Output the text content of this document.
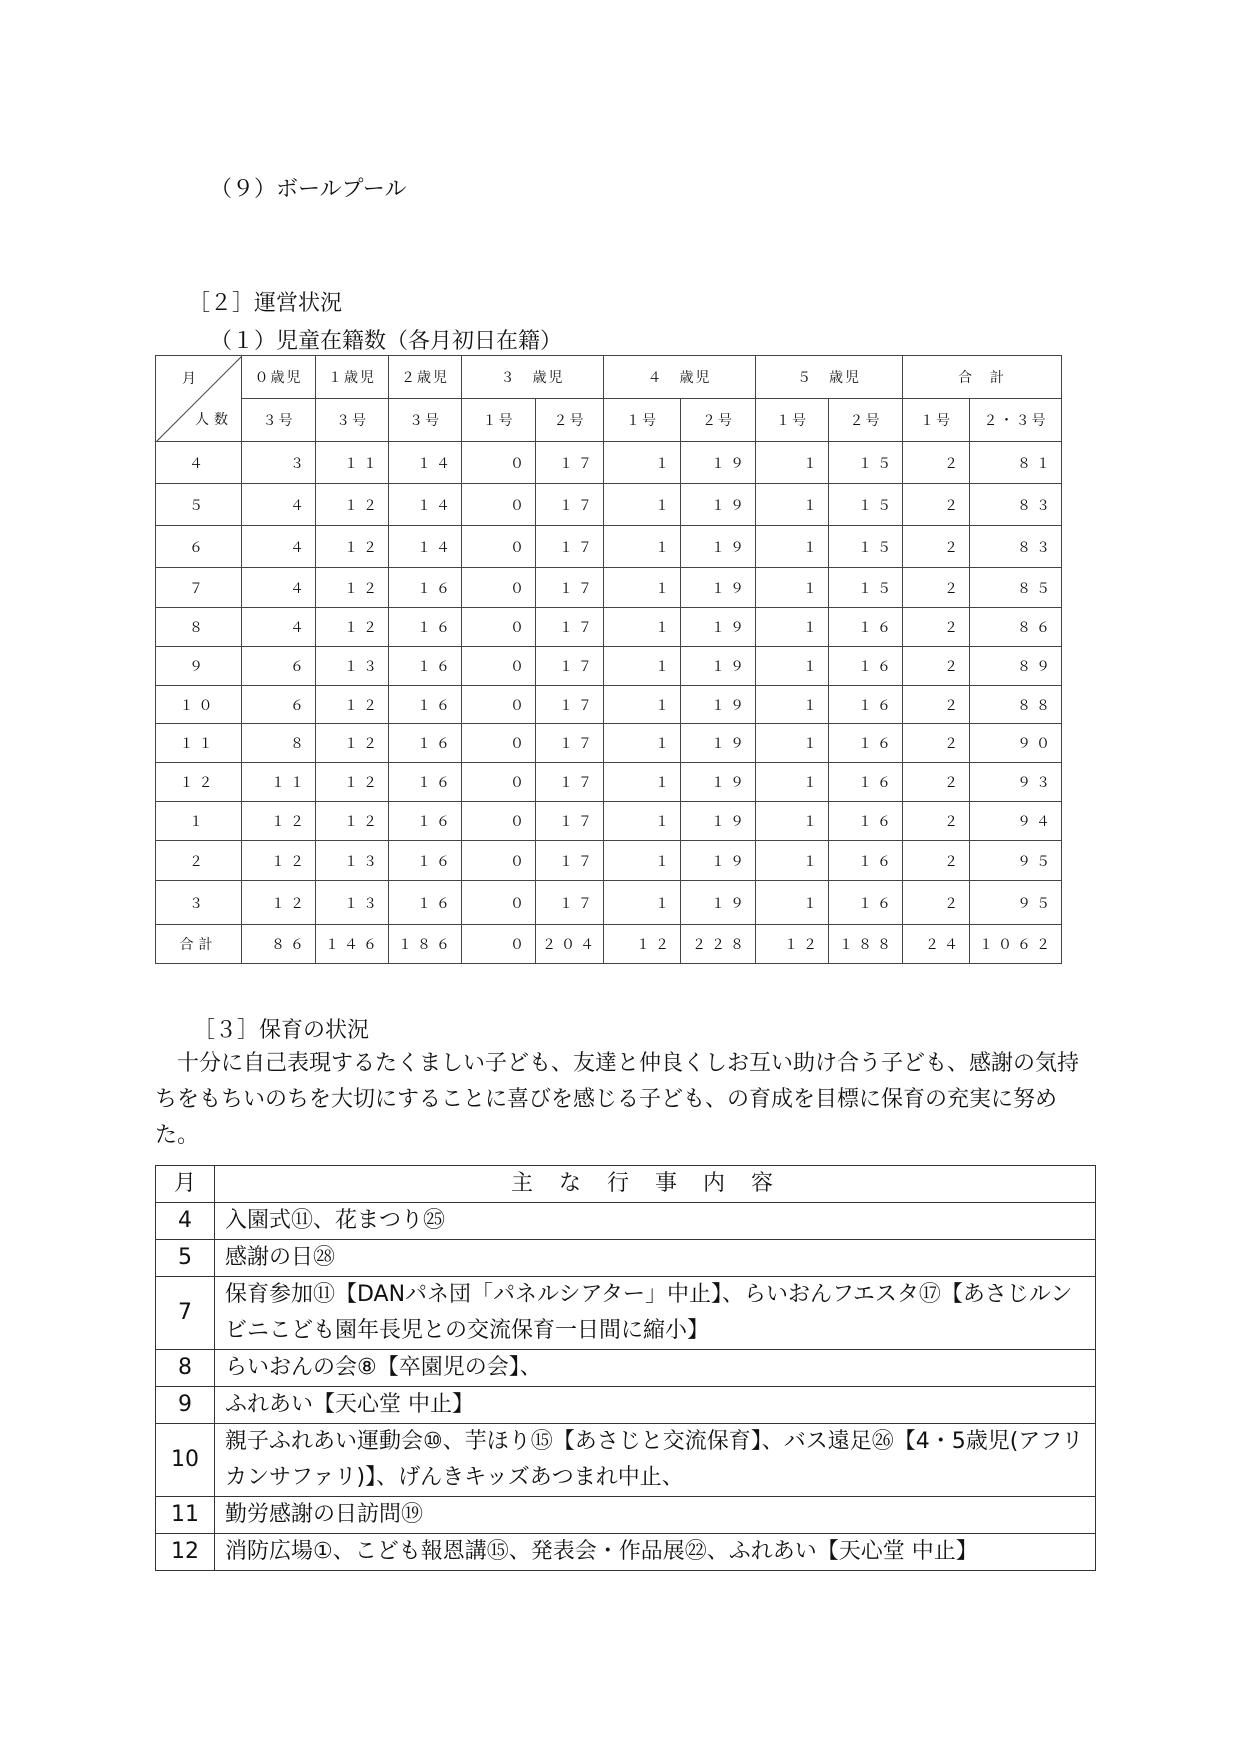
（９）ボールプール
［２］運営状況
（１）児童在籍数（各月初日在籍）
月
人数	０歳児	１歳児	２歳児	３　歳児		４　歳児		５　歳児		合　計	
	３号	３号	３号	１号	２号	１号	２号	１号	２号	１号	２・３号
４	３	１１	１４	０	１７	１	１９	１	１５	２	８１
５	４	１２	１４	０	１７	１	１９	１	１５	２	８３
６	４	１２	１４	０	１７	１	１９	１	１５	２	８３
７	４	１２	１６	０	１７	１	１９	１	１５	２	８５
８	４	１２	１６	０	１７	１	１９	１	１６	２	８６
９	６	１３	１６	０	１７	１	１９	１	１６	２	８９
１０	６	１２	１６	０	１７	１	１９	１	１６	２	８８
１１	８	１２	１６	０	１７	１	１９	１	１６	２	９０
１２	１１	１２	１６	０	１７	１	１９	１	１６	２	９３
１	１２	１２	１６	０	１７	１	１９	１	１６	２	９４
２	１２	１３	１６	０	１７	１	１９	１	１６	２	９５
３	１２	１３	１６	０	１７	１	１９	１	１６	２	９５
合計	８６	１４６	１８６	０	２０４	１２	２２８	１２	１８８	２４	１０６２
［３］保育の状況
　十分に自己表現するたくましい子ども、友達と仲良くしお互い助け合う子ども、感謝の気持ちをもちいのちを大切にすることに喜びを感じる子ども、の育成を目標に保育の充実に努めた。
月	主な行事内容
4	入園式⑪、花まつり㉕
5	感謝の日㉘
7	保育参加⑪【DANパネ団「パネルシアター」中止】、らいおんフエスタ⑰【あさじルンビニこども園年長児との交流保育一日間に縮小】
8	らいおんの会⑧【卒園児の会】、
9	ふれあい【天心堂 中止】
10	親子ふれあい運動会⑩、芋ほり⑮【あさじと交流保育】、バス遠足㉖【4・5歳児(アフリカンサファリ)】、げんきキッズあつまれ中止、
11	勤労感謝の日訪問⑲
12	消防広場①、こども報恩講⑮、発表会・作品展㉒、ふれあい【天心堂 中止】
